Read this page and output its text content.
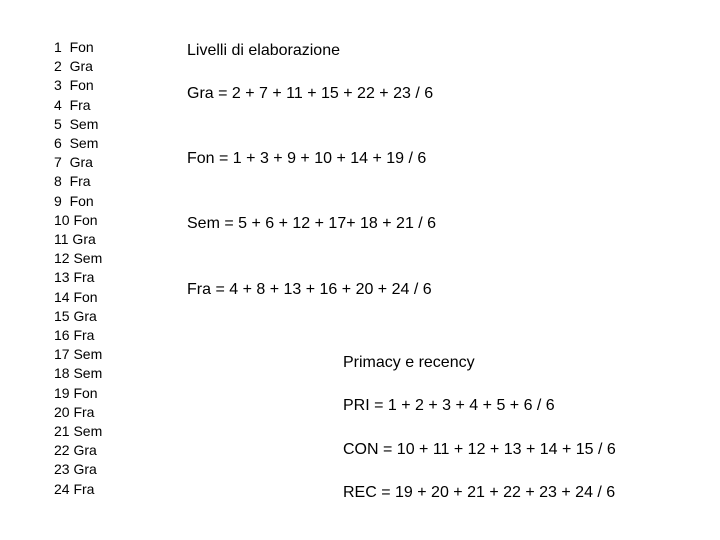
1  Fon
2  Gra
3  Fon
4  Fra
5  Sem
6  Sem
7  Gra
8  Fra
9  Fon
10 Fon
11 Gra
12 Sem
13 Fra
14 Fon
15 Gra
16 Fra
17 Sem
18 Sem
19 Fon
20 Fra
21 Sem
22 Gra
23 Gra
24 Fra
Livelli di elaborazione
Gra = 2 + 7 + 11 + 15 + 22 + 23 / 6
Fon = 1 + 3 + 9 + 10 + 14 + 19 / 6
Sem = 5 + 6 + 12 + 17+ 18 + 21 / 6
Fra = 4 + 8 + 13 + 16 + 20 + 24 / 6
Primacy e recency
PRI = 1 + 2 + 3 + 4 + 5 + 6 / 6
CON = 10 + 11 + 12 + 13 + 14 + 15 / 6
REC = 19 + 20 + 21 + 22 + 23 + 24 / 6
